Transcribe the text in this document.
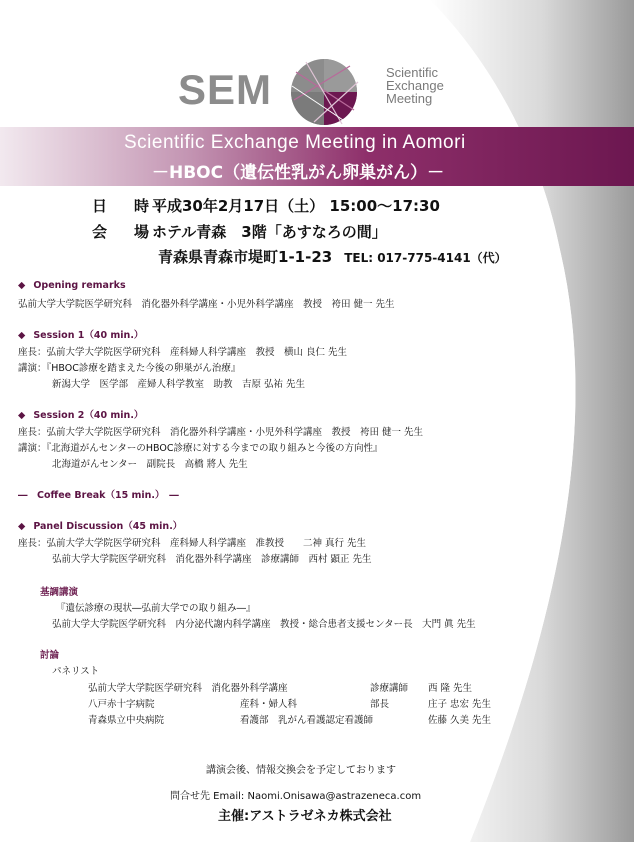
SEM	Scientific
Exchange
Meeting
Scientific Exchange Meeting in Aomori
－HBOC（遺伝性乳がん卵巣がん）－
日　時：平成30年2月17日（土） 15:00～17:30
会　場：ホテル青森　3階「あすなろの間」
青森県青森市堤町1-1-23 TEL: 017-775-4141（代）
◆ Opening remarks
弘前大学大学院医学研究科　消化器外科学講座・小児外科学講座　教授　袴田 健一 先生
◆ Session 1（40 min.）
座長：弘前大学大学院医学研究科　産科婦人科学講座　教授　横山 良仁 先生
講演：『HBOC診療を踏まえた今後の卵巣がん治療』
新潟大学　医学部　産婦人科学教室　助教　吉原 弘祐 先生
◆ Session 2（40 min.）
座長：弘前大学大学院医学研究科　消化器外科学講座・小児外科学講座　教授　袴田 健一 先生
講演：『北海道がんセンターのHBOC診療に対する今までの取り組みと今後の方向性』
北海道がんセンター　副院長　高橋 將人 先生
―　Coffee Break（15 min.）　―
◆ Panel Discussion（45 min.）
座長：弘前大学大学院医学研究科　産科婦人科学講座　准教授　　二神 真行 先生
弘前大学大学院医学研究科　消化器外科学講座　診療講師　西村 顕正 先生
基調講演
『遺伝診療の現状―弘前大学での取り組み―』
弘前大学大学院医学研究科　内分泌代謝内科学講座　教授・総合患者支援センター長　大門 眞 先生
討論
パネリスト
弘前大学大学院医学研究科　消化器外科学講座	診療講師 西 隆 先生
八戸赤十字病院	産科・婦人科	部長	庄子 忠宏 先生
青森県立中央病院	看護部　乳がん看護認定看護師	佐藤 久美 先生
講演会後、情報交換会を予定しております
問合せ先 Email: Naomi.Onisawa@astrazeneca.com
主催:アストラゼネカ株式会社
